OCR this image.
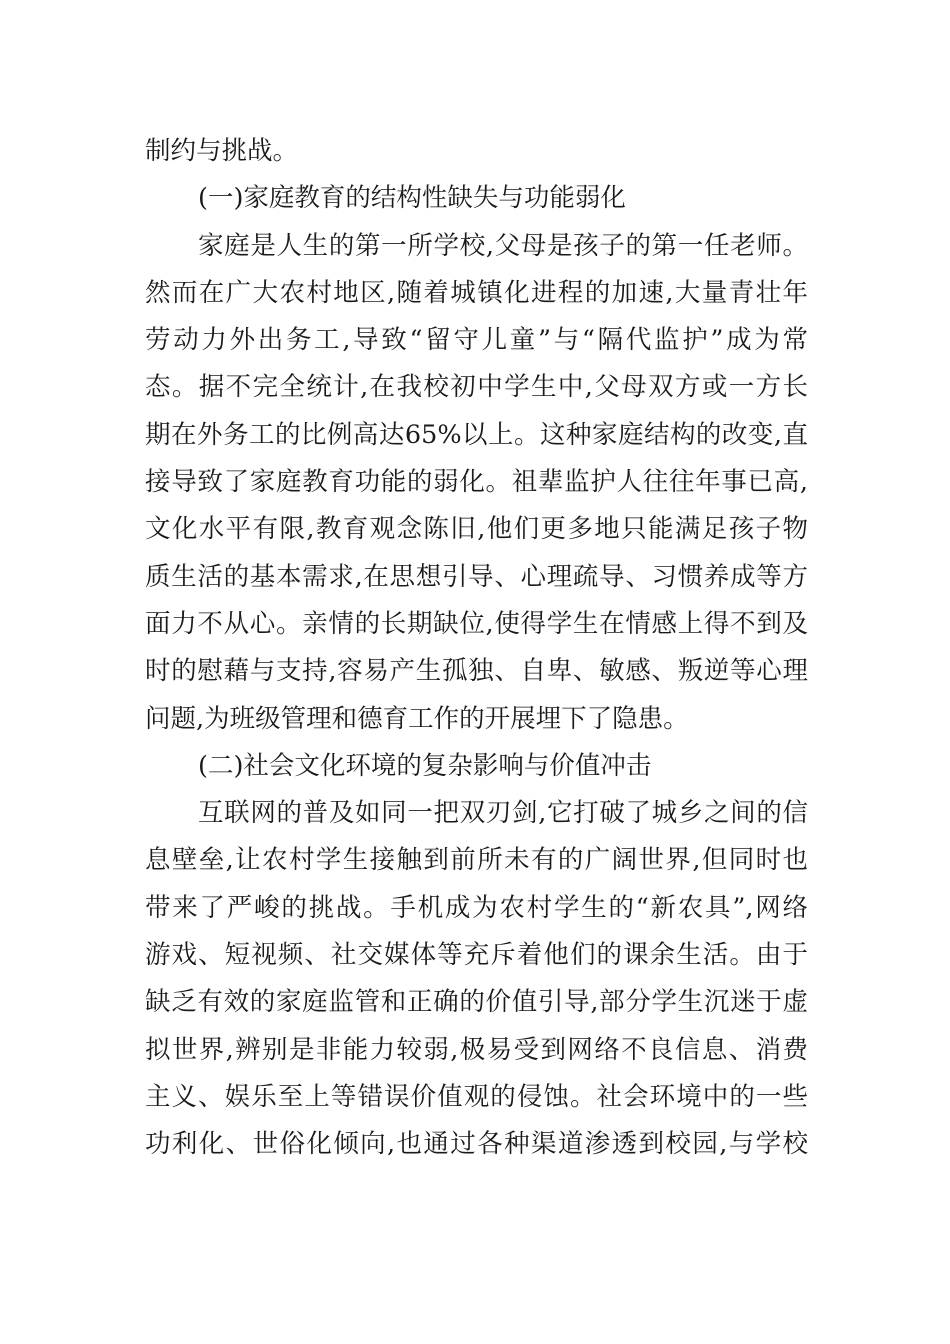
制约与挑战。
(一)家庭教育的结构性缺失与功能弱化
家庭是人生的第一所学校,父母是孩子的第一任老师。
然而在广大农村地区,随着城镇化进程的加速,大量青壮年
劳动力外出务工,导致“留守儿童”与“隔代监护”成为常
态。据不完全统计,在我校初中学生中,父母双方或一方长
期在外务工的比例高达65%以上。这种家庭结构的改变,直
接导致了家庭教育功能的弱化。祖辈监护人往往年事已高,
文化水平有限,教育观念陈旧,他们更多地只能满足孩子物
质生活的基本需求,在思想引导、心理疏导、习惯养成等方
面力不从心。亲情的长期缺位,使得学生在情感上得不到及
时的慰藉与支持,容易产生孤独、自卑、敏感、叛逆等心理
问题,为班级管理和德育工作的开展埋下了隐患。
(二)社会文化环境的复杂影响与价值冲击
互联网的普及如同一把双刃剑,它打破了城乡之间的信
息壁垒,让农村学生接触到前所未有的广阔世界,但同时也
带来了严峻的挑战。手机成为农村学生的“新农具”,网络
游戏、短视频、社交媒体等充斥着他们的课余生活。由于
缺乏有效的家庭监管和正确的价值引导,部分学生沉迷于虚
拟世界,辨别是非能力较弱,极易受到网络不良信息、消费
主义、娱乐至上等错误价值观的侵蚀。社会环境中的一些
功利化、世俗化倾向,也通过各种渠道渗透到校园,与学校
